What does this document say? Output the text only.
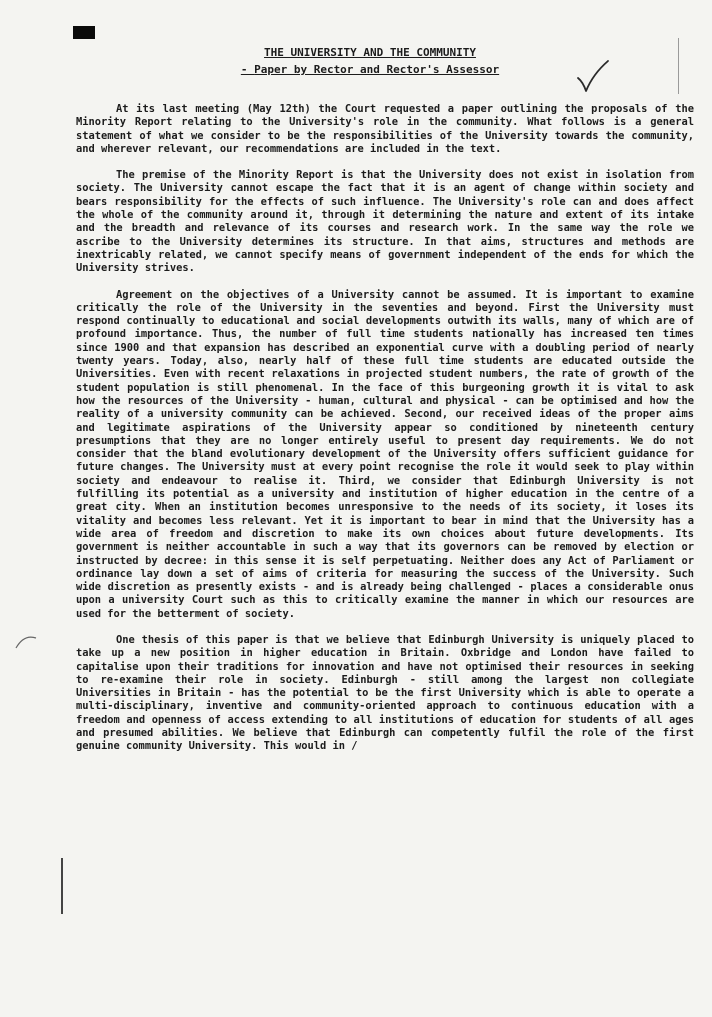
THE UNIVERSITY AND THE COMMUNITY
- Paper by Rector and Rector's Assessor

At its last meeting (May 12th) the Court requested a paper outlining the proposals of the Minority Report relating to the University's role in the community. What follows is a general statement of what we consider to be the responsibilities of the University towards the community, and wherever relevant, our recommendations are included in the text.

The premise of the Minority Report is that the University does not exist in isolation from society. The University cannot escape the fact that it is an agent of change within society and bears responsibility for the effects of such influence. The University's role can and does affect the whole of the community around it, through it determining the nature and extent of its intake and the breadth and relevance of its courses and research work. In the same way the role we ascribe to the University determines its structure. In that aims, structures and methods are inextricably related, we cannot specify means of government independent of the ends for which the University strives.

Agreement on the objectives of a University cannot be assumed. It is important to examine critically the role of the University in the seventies and beyond. First the University must respond continually to educational and social developments outwith its walls, many of which are of profound importance. Thus, the number of full time students nationally has increased ten times since 1900 and that expansion has described an exponential curve with a doubling period of nearly twenty years. Today, also, nearly half of these full time students are educated outside the Universities. Even with recent relaxations in projected student numbers, the rate of growth of the student population is still phenomenal. In the face of this burgeoning growth it is vital to ask how the resources of the University - human, cultural and physical - can be optimised and how the reality of a university community can be achieved. Second, our received ideas of the proper aims and legitimate aspirations of the University appear so conditioned by nineteenth century presumptions that they are no longer entirely useful to present day requirements. We do not consider that the bland evolutionary development of the University offers sufficient guidance for future changes. The University must at every point recognise the role it would seek to play within society and endeavour to realise it. Third, we consider that Edinburgh University is not fulfilling its potential as a university and institution of higher education in the centre of a great city. When an institution becomes unresponsive to the needs of its society, it loses its vitality and becomes less relevant. Yet it is important to bear in mind that the University has a wide area of freedom and discretion to make its own choices about future developments. Its government is neither accountable in such a way that its governors can be removed by election or instructed by decree: in this sense it is self perpetuating. Neither does any Act of Parliament or ordinance lay down a set of aims of criteria for measuring the success of the University. Such wide discretion as presently exists - and is already being challenged - places a considerable onus upon a university Court such as this to critically examine the manner in which our resources are used for the betterment of society.

One thesis of this paper is that we believe that Edinburgh University is uniquely placed to take up a new position in higher education in Britain. Oxbridge and London have failed to capitalise upon their traditions for innovation and have not optimised their resources in seeking to re-examine their role in society. Edinburgh - still among the largest non collegiate Universities in Britain - has the potential to be the first University which is able to operate a multi-disciplinary, inventive and community-oriented approach to continuous education with a freedom and openness of access extending to all institutions of education for students of all ages and presumed abilities. We believe that Edinburgh can competently fulfil the role of the first genuine community University. This would in /
